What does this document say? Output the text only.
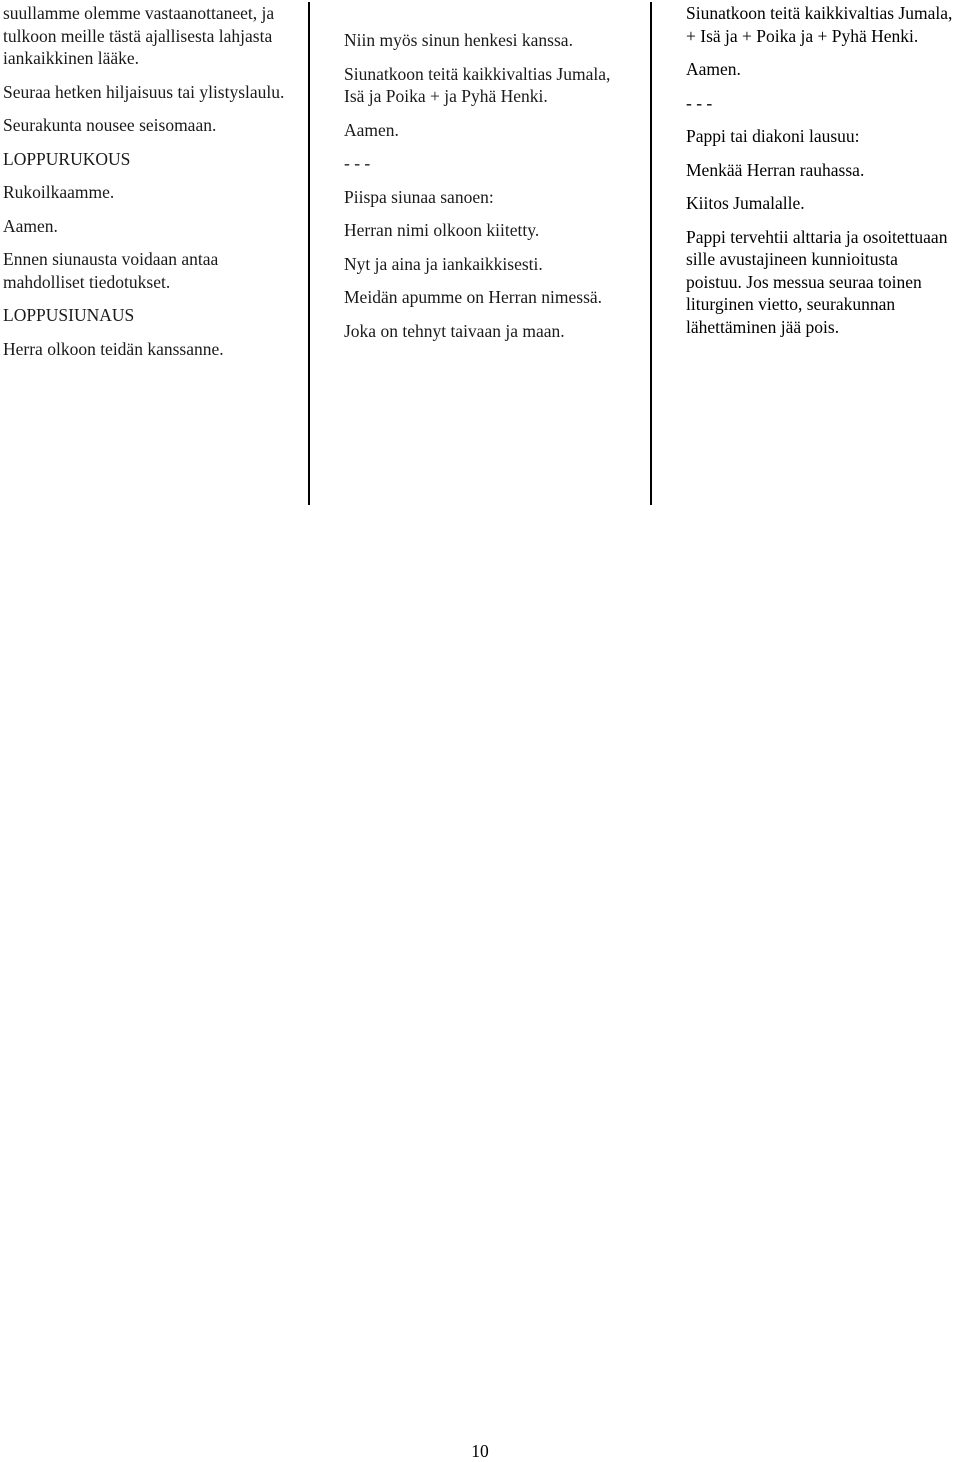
suullamme olemme vastaanottaneet, ja tulkoon meille tästä ajallisesta lahjasta iankaikkinen lääke.

Seuraa hetken hiljaisuus tai ylistyslaulu.

Seurakunta nousee seisomaan.

LOPPURUKOUS

Rukoilkaamme.

Aamen.

Ennen siunausta voidaan antaa mahdolliset tiedotukset.

LOPPUSIUNAUS

Herra olkoon teidän kanssanne.

Niin myös sinun henkesi kanssa.

Siunatkoon teitä kaikkivaltias Jumala, Isä ja Poika + ja Pyhä Henki.

Aamen.

- - -

Piispa siunaa sanoen:

Herran nimi olkoon kiitetty.

Nyt ja aina ja iankaikkisesti.

Meidän apumme on Herran nimessä.

Joka on tehnyt taivaan ja maan.

Siunatkoon teitä kaikkivaltias Jumala, + Isä ja + Poika ja + Pyhä Henki.

Aamen.

- - -

Pappi tai diakoni lausuu:

Menkää Herran rauhassa.

Kiitos Jumalalle.

Pappi tervehtii alttaria ja osoitettuaan sille avustajineen kunnioitusta poistuu. Jos messua seuraa toinen liturginen vietto, seurakunnan lähettäminen jää pois.

10
